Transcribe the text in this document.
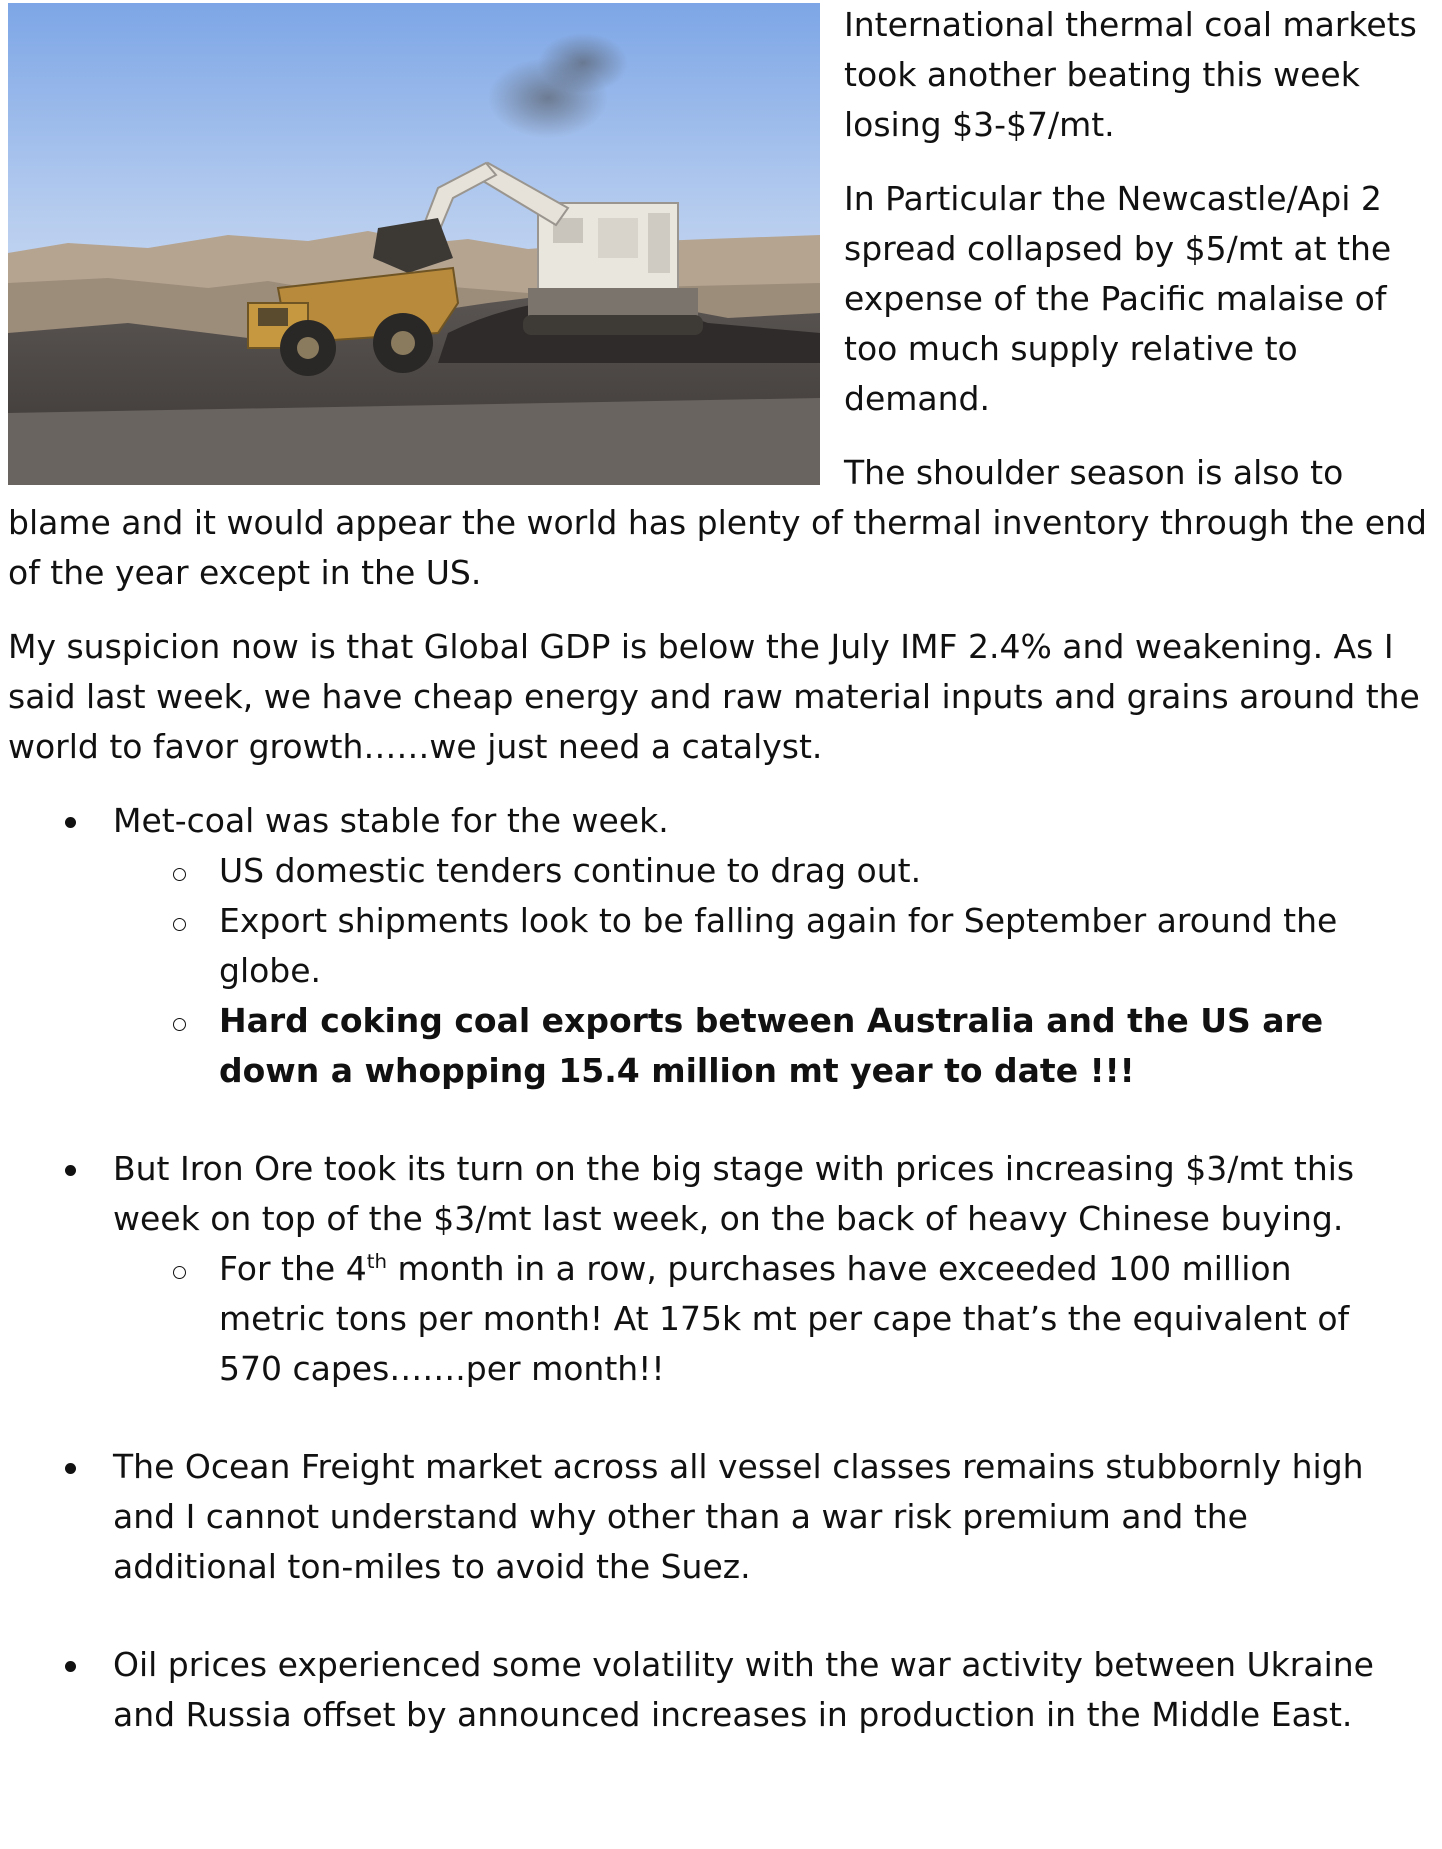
International thermal coal markets took another beating this week losing $3-$7/mt.

In Particular the Newcastle/Api 2 spread collapsed by $5/mt at the expense of the Pacific malaise of too much supply relative to demand.

The shoulder season is also to blame and it would appear the world has plenty of thermal inventory through the end of the year except in the US.

My suspicion now is that Global GDP is below the July IMF 2.4% and weakening. As I said last week, we have cheap energy and raw material inputs and grains around the world to favor growth……we just need a catalyst.

Met-coal was stable for the week.
US domestic tenders continue to drag out.
Export shipments look to be falling again for September around the globe.
Hard coking coal exports between Australia and the US are down a whopping 15.4 million mt year to date !!!
But Iron Ore took its turn on the big stage with prices increasing $3/mt this week on top of the $3/mt last week, on the back of heavy Chinese buying.
For the 4th month in a row, purchases have exceeded 100 million metric tons per month! At 175k mt per cape that’s the equivalent of 570 capes…….per month!!
The Ocean Freight market across all vessel classes remains stubbornly high and I cannot understand why other than a war risk premium and the additional ton-miles to avoid the Suez.
Oil prices experienced some volatility with the war activity between Ukraine and Russia offset by announced increases in production in the Middle East.
